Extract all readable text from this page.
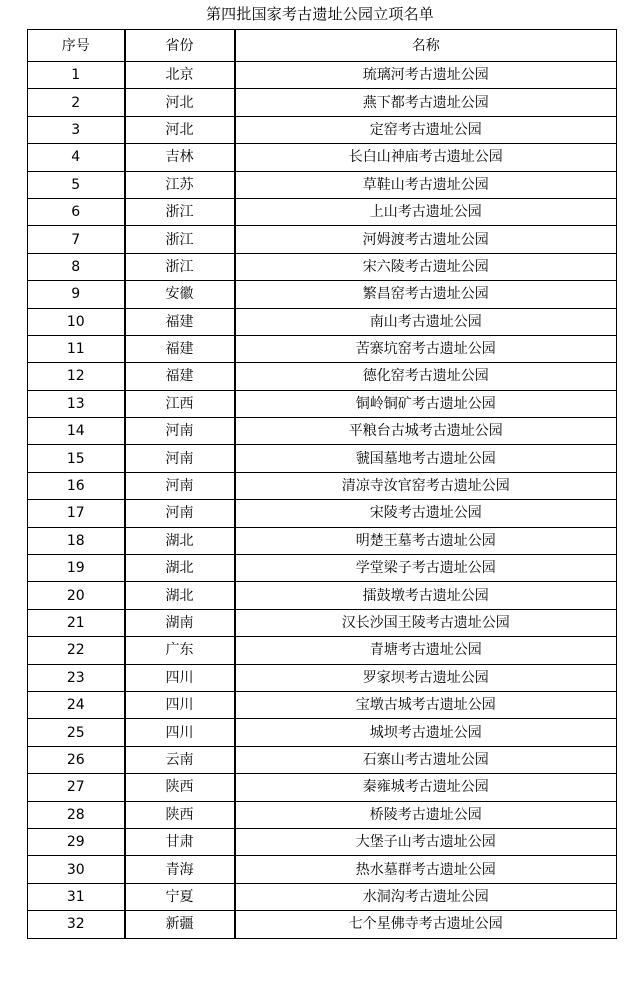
第四批国家考古遗址公园立项名单
序号	省份	名称
1	北京	琉璃河考古遗址公园
2	河北	燕下都考古遗址公园
3	河北	定窑考古遗址公园
4	吉林	长白山神庙考古遗址公园
5	江苏	草鞋山考古遗址公园
6	浙江	上山考古遗址公园
7	浙江	河姆渡考古遗址公园
8	浙江	宋六陵考古遗址公园
9	安徽	繁昌窑考古遗址公园
10	福建	南山考古遗址公园
11	福建	苦寨坑窑考古遗址公园
12	福建	德化窑考古遗址公园
13	江西	铜岭铜矿考古遗址公园
14	河南	平粮台古城考古遗址公园
15	河南	虢国墓地考古遗址公园
16	河南	清凉寺汝官窑考古遗址公园
17	河南	宋陵考古遗址公园
18	湖北	明楚王墓考古遗址公园
19	湖北	学堂梁子考古遗址公园
20	湖北	擂鼓墩考古遗址公园
21	湖南	汉长沙国王陵考古遗址公园
22	广东	青塘考古遗址公园
23	四川	罗家坝考古遗址公园
24	四川	宝墩古城考古遗址公园
25	四川	城坝考古遗址公园
26	云南	石寨山考古遗址公园
27	陕西	秦雍城考古遗址公园
28	陕西	桥陵考古遗址公园
29	甘肃	大堡子山考古遗址公园
30	青海	热水墓群考古遗址公园
31	宁夏	水洞沟考古遗址公园
32	新疆	七个星佛寺考古遗址公园
